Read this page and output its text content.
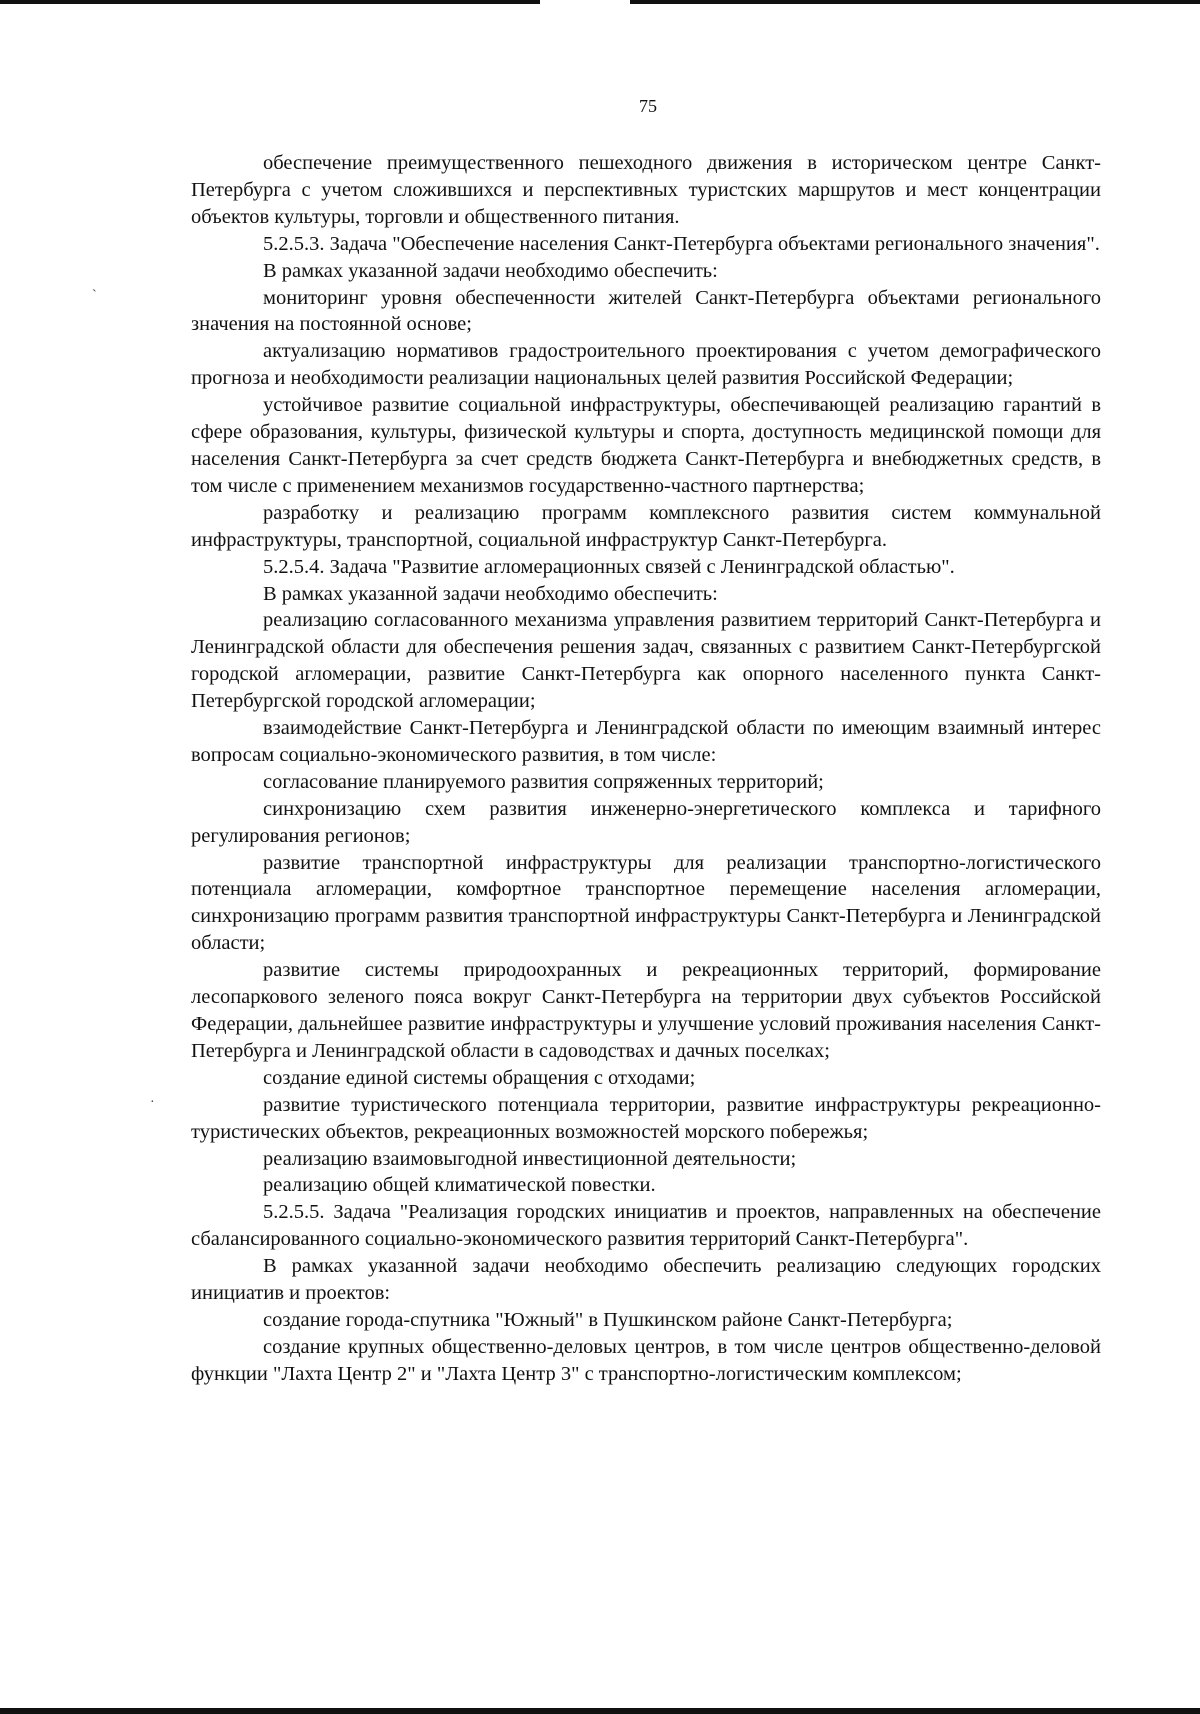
75
˴
·

обеспечение преимущественного пешеходного движения в историческом центре Санкт-Петербурга с учетом сложившихся и перспективных туристских маршрутов и мест концентрации объектов культуры, торговли и общественного питания.

5.2.5.3. Задача "Обеспечение населения Санкт-Петербурга объектами регионального значения".

В рамках указанной задачи необходимо обеспечить:

мониторинг уровня обеспеченности жителей Санкт-Петербурга объектами регионального значения на постоянной основе;

актуализацию нормативов градостроительного проектирования с учетом демографического прогноза и необходимости реализации национальных целей развития Российской Федерации;

устойчивое развитие социальной инфраструктуры, обеспечивающей реализацию гарантий в сфере образования, культуры, физической культуры и спорта, доступность медицинской помощи для населения Санкт-Петербурга за счет средств бюджета Санкт-Петербурга и внебюджетных средств, в том числе с применением механизмов государственно-частного партнерства;

разработку и реализацию программ комплексного развития систем коммунальной инфраструктуры, транспортной, социальной инфраструктур Санкт-Петербурга.

5.2.5.4. Задача "Развитие агломерационных связей с Ленинградской областью".

В рамках указанной задачи необходимо обеспечить:

реализацию согласованного механизма управления развитием территорий Санкт-Петербурга и Ленинградской области для обеспечения решения задач, связанных с развитием Санкт-Петербургской городской агломерации, развитие Санкт-Петербурга как опорного населенного пункта Санкт-Петербургской городской агломерации;

взаимодействие Санкт-Петербурга и Ленинградской области по имеющим взаимный интерес вопросам социально-экономического развития, в том числе:

согласование планируемого развития сопряженных территорий;

синхронизацию схем развития инженерно-энергетического комплекса и тарифного регулирования регионов;

развитие транспортной инфраструктуры для реализации транспортно-логистического потенциала агломерации, комфортное транспортное перемещение населения агломерации, синхронизацию программ развития транспортной инфраструктуры Санкт-Петербурга и Ленинградской области;

развитие системы природоохранных и рекреационных территорий, формирование лесопаркового зеленого пояса вокруг Санкт-Петербурга на территории двух субъектов Российской Федерации, дальнейшее развитие инфраструктуры и улучшение условий проживания населения Санкт-Петербурга и Ленинградской области в садоводствах и дачных поселках;

создание единой системы обращения с отходами;

развитие туристического потенциала территории, развитие инфраструктуры рекреационно-туристических объектов, рекреационных возможностей морского побережья;

реализацию взаимовыгодной инвестиционной деятельности;

реализацию общей климатической повестки.

5.2.5.5. Задача "Реализация городских инициатив и проектов, направленных на обеспечение сбалансированного социально-экономического развития территорий Санкт-Петербурга".

В рамках указанной задачи необходимо обеспечить реализацию следующих городских инициатив и проектов:

создание города-спутника "Южный" в Пушкинском районе Санкт-Петербурга;

создание крупных общественно-деловых центров, в том числе центров общественно-деловой функции "Лахта Центр 2" и "Лахта Центр 3" с транспортно-логистическим комплексом;
